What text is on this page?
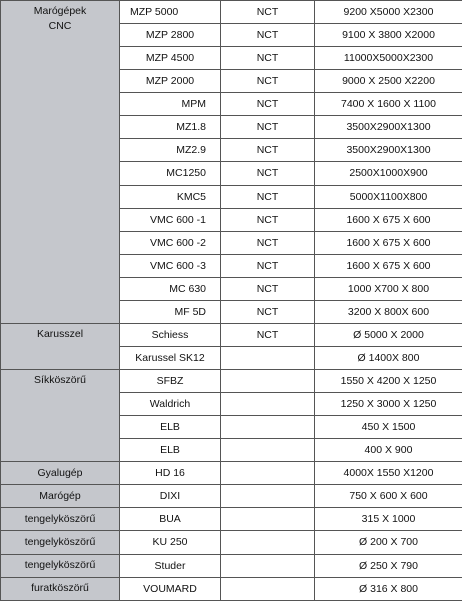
Marógépek
CNC	MZP 5000	NCT	9200 X5000 X2300
	MZP 2800	NCT	9100 X 3800 X2000
	MZP 4500	NCT	11000X5000X2300
	MZP 2000	NCT	9000 X 2500 X2200
	MPM	NCT	7400 X 1600 X 1100
	MZ1.8	NCT	3500X2900X1300
	MZ2.9	NCT	3500X2900X1300
	MC1250	NCT	2500X1000X900
	KMC5	NCT	5000X1100X800
	VMC 600 -1	NCT	1600 X 675 X 600
	VMC 600 -2	NCT	1600 X 675 X 600
	VMC 600 -3	NCT	1600 X 675 X 600
	MC 630	NCT	1000 X700 X 800
	MF 5D	NCT	3200 X 800X 600

Karusszel	Schiess	NCT	Ø 5000 X 2000
	Karussel SK12		Ø 1400X 800

Síkköszörű	SFBZ		1550 X 4200 X 1250
	Waldrich		1250 X 3000 X 1250
	ELB		450 X 1500
	ELB		400 X 900

Gyalugép	HD 16		4000X 1550 X1200

Marógép	DIXI		750 X 600 X 600

tengelyköszörű	BUA		315 X 1000

tengelyköszörű	KU 250		Ø 200 X 700

tengelyköszörű	Studer		Ø 250 X 790

furatköszörű	VOUMARD		Ø 316 X 800
